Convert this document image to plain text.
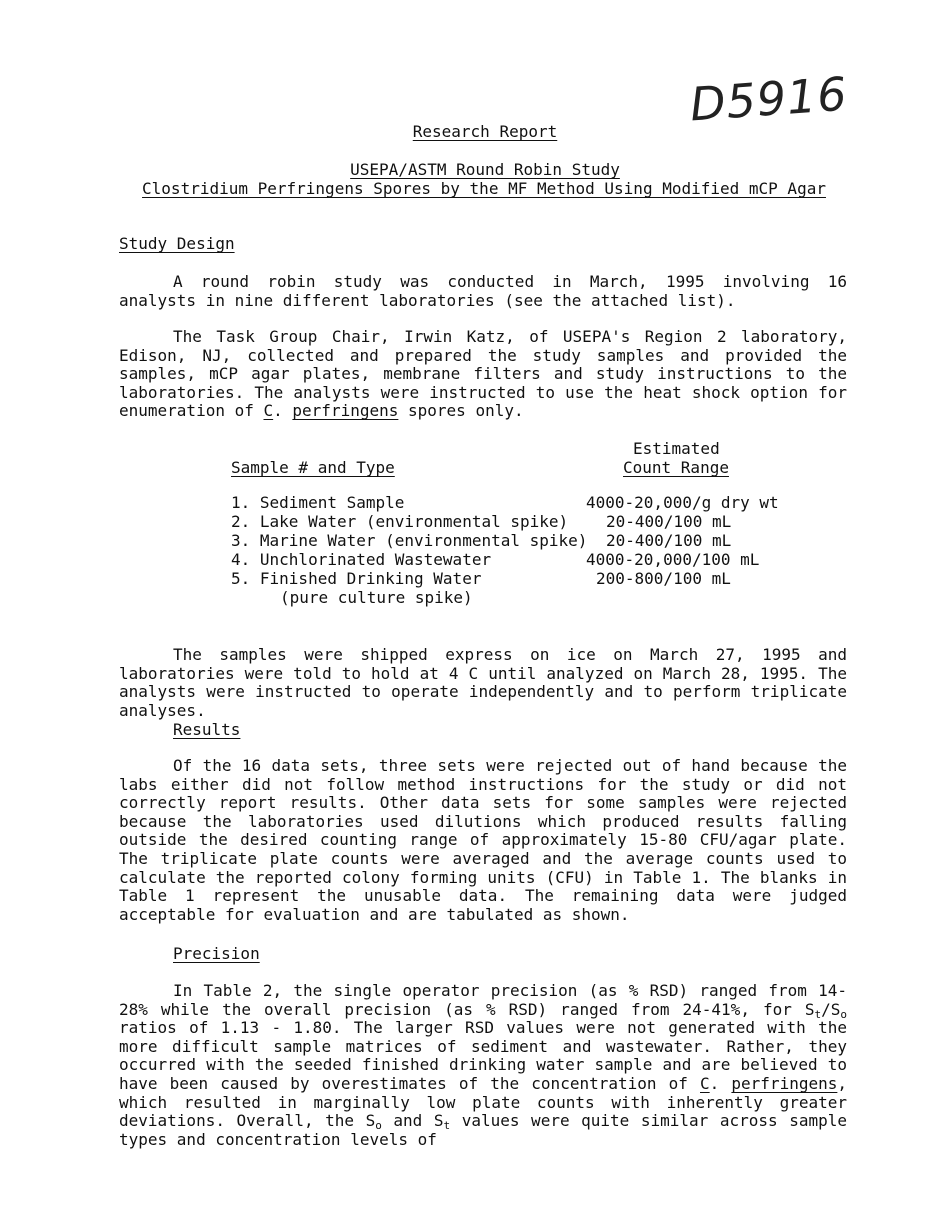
D5916
Research Report
USEPA/ASTM Round Robin Study
Clostridium Perfringens Spores by the MF Method Using Modified mCP Agar
Study Design

A round robin study was conducted in March, 1995 involving 16 analysts in nine different laboratories (see the attached list).

The Task Group Chair, Irwin Katz, of USEPA's Region 2 laboratory, Edison, NJ, collected and prepared the study samples and provided the samples, mCP agar plates, membrane filters and study instructions to the laboratories. The analysts were instructed to use the heat shock option for enumeration of C. perfringens spores only.

Estimated
Sample # and Type	Count Range
1. Sediment Sample	4000-20,000/g dry wt
2. Lake Water (environmental spike) 20-400/100 mL
3. Marine Water (environmental spike) 20-400/100 mL
4. Unchlorinated Wastewater	4000-20,000/100 mL
5. Finished Drinking Water	200-800/100 mL
(pure culture spike)

The samples were shipped express on ice on March 27, 1995 and laboratories were told to hold at 4 C until analyzed on March 28, 1995. The analysts were instructed to operate independently and to perform triplicate analyses.

Results

Of the 16 data sets, three sets were rejected out of hand because the labs either did not follow method instructions for the study or did not correctly report results. Other data sets for some samples were rejected because the laboratories used dilutions which produced results falling outside the desired counting range of approximately 15-80 CFU/agar plate. The triplicate plate counts were averaged and the average counts used to calculate the reported colony forming units (CFU) in Table 1. The blanks in Table 1 represent the unusable data. The remaining data were judged acceptable for evaluation and are tabulated as shown.

Precision

In Table 2, the single operator precision (as % RSD) ranged from 14-28% while the overall precision (as % RSD) ranged from 24-41%, for $S_t/S_o$ ratios of 1.13 - 1.80. The larger RSD values were not generated with the more difficult sample matrices of sediment and wastewater. Rather, they occurred with the seeded finished drinking water sample and are believed to have been caused by overestimates of the concentration of C. perfringens, which resulted in marginally low plate counts with inherently greater deviations. Overall, the $S_o$ and $S_t$ values were quite similar across sample types and concentration levels of
